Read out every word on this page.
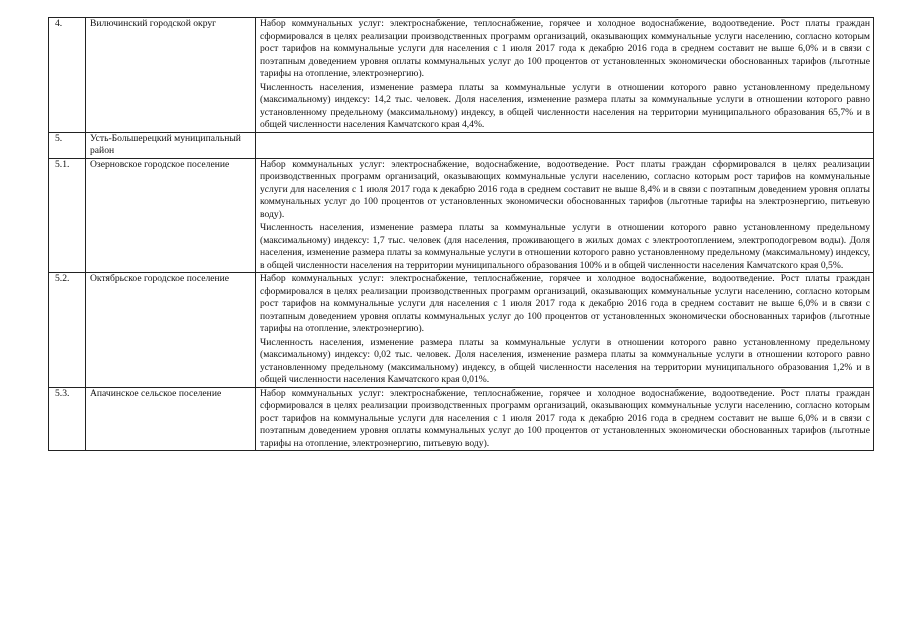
4.	Вилючинский городской округ	Набор коммунальных услуг: электроснабжение, теплоснабжение, горячее и холодное водоснабжение, водоотведение. Рост платы граждан сформировался в целях реализации производственных программ организаций, оказывающих коммунальные услуги населению, согласно которым рост тарифов на коммунальные услуги для населения с 1 июля 2017 года к декабрю 2016 года в среднем составит не выше 6,0% и в связи с поэтапным доведением уровня оплаты коммунальных услуг до 100 процентов от установленных экономически обоснованных тарифов (льготные тарифы на отопление, электроэнергию).

Численность населения, изменение размера платы за коммунальные услуги в отношении которого равно установленному предельному (максимальному) индексу: 14,2 тыс. человек. Доля населения, изменение размера платы за коммунальные услуги в отношении которого равно установленному предельному (максимальному) индексу, в общей численности населения на территории муниципального образования 65,7% и в общей численности населения Камчатского края 4,4%.

5.	Усть-Большерецкий муниципальный район	
5.1.	Озерновское городское поселение	Набор коммунальных услуг: электроснабжение, водоснабжение, водоотведение. Рост платы граждан сформировался в целях реализации производственных программ организаций, оказывающих коммунальные услуги населению, согласно которым рост тарифов на коммунальные услуги для населения с 1 июля 2017 года к декабрю 2016 года в среднем составит не выше 8,4% и в связи с поэтапным доведением уровня оплаты коммунальных услуг до 100 процентов от установленных экономически обоснованных тарифов (льготные тарифы на электроэнергию, питьевую воду).

Численность населения, изменение размера платы за коммунальные услуги в отношении которого равно установленному предельному (максимальному) индексу: 1,7 тыс. человек (для населения, проживающего в жилых домах с электроотоплением, электроподогревом воды). Доля населения, изменение размера платы за коммунальные услуги в отношении которого равно установленному предельному (максимальному) индексу, в общей численности населения на территории муниципального образования 100% и в общей численности населения Камчатского края 0,5%.

5.2.	Октябрьское городское поселение	Набор коммунальных услуг: электроснабжение, теплоснабжение, горячее и холодное водоснабжение, водоотведение. Рост платы граждан сформировался в целях реализации производственных программ организаций, оказывающих коммунальные услуги населению, согласно которым рост тарифов на коммунальные услуги для населения с 1 июля 2017 года к декабрю 2016 года в среднем составит не выше 6,0% и в связи с поэтапным доведением уровня оплаты коммунальных услуг до 100 процентов от установленных экономически обоснованных тарифов (льготные тарифы на отопление, электроэнергию).

Численность населения, изменение размера платы за коммунальные услуги в отношении которого равно установленному предельному (максимальному) индексу: 0,02 тыс. человек. Доля населения, изменение размера платы за коммунальные услуги в отношении которого равно установленному предельному (максимальному) индексу, в общей численности населения на территории муниципального образования 1,2% и в общей численности населения Камчатского края 0,01%.

5.3.	Апачинское сельское поселение	Набор коммунальных услуг: электроснабжение, теплоснабжение, горячее и холодное водоснабжение, водоотведение. Рост платы граждан сформировался в целях реализации производственных программ организаций, оказывающих коммунальные услуги населению, согласно которым рост тарифов на коммунальные услуги для населения с 1 июля 2017 года к декабрю 2016 года в среднем составит не выше 6,0% и в связи с поэтапным доведением уровня оплаты коммунальных услуг до 100 процентов от установленных экономически обоснованных тарифов (льготные тарифы на отопление, электроэнергию, питьевую воду).
